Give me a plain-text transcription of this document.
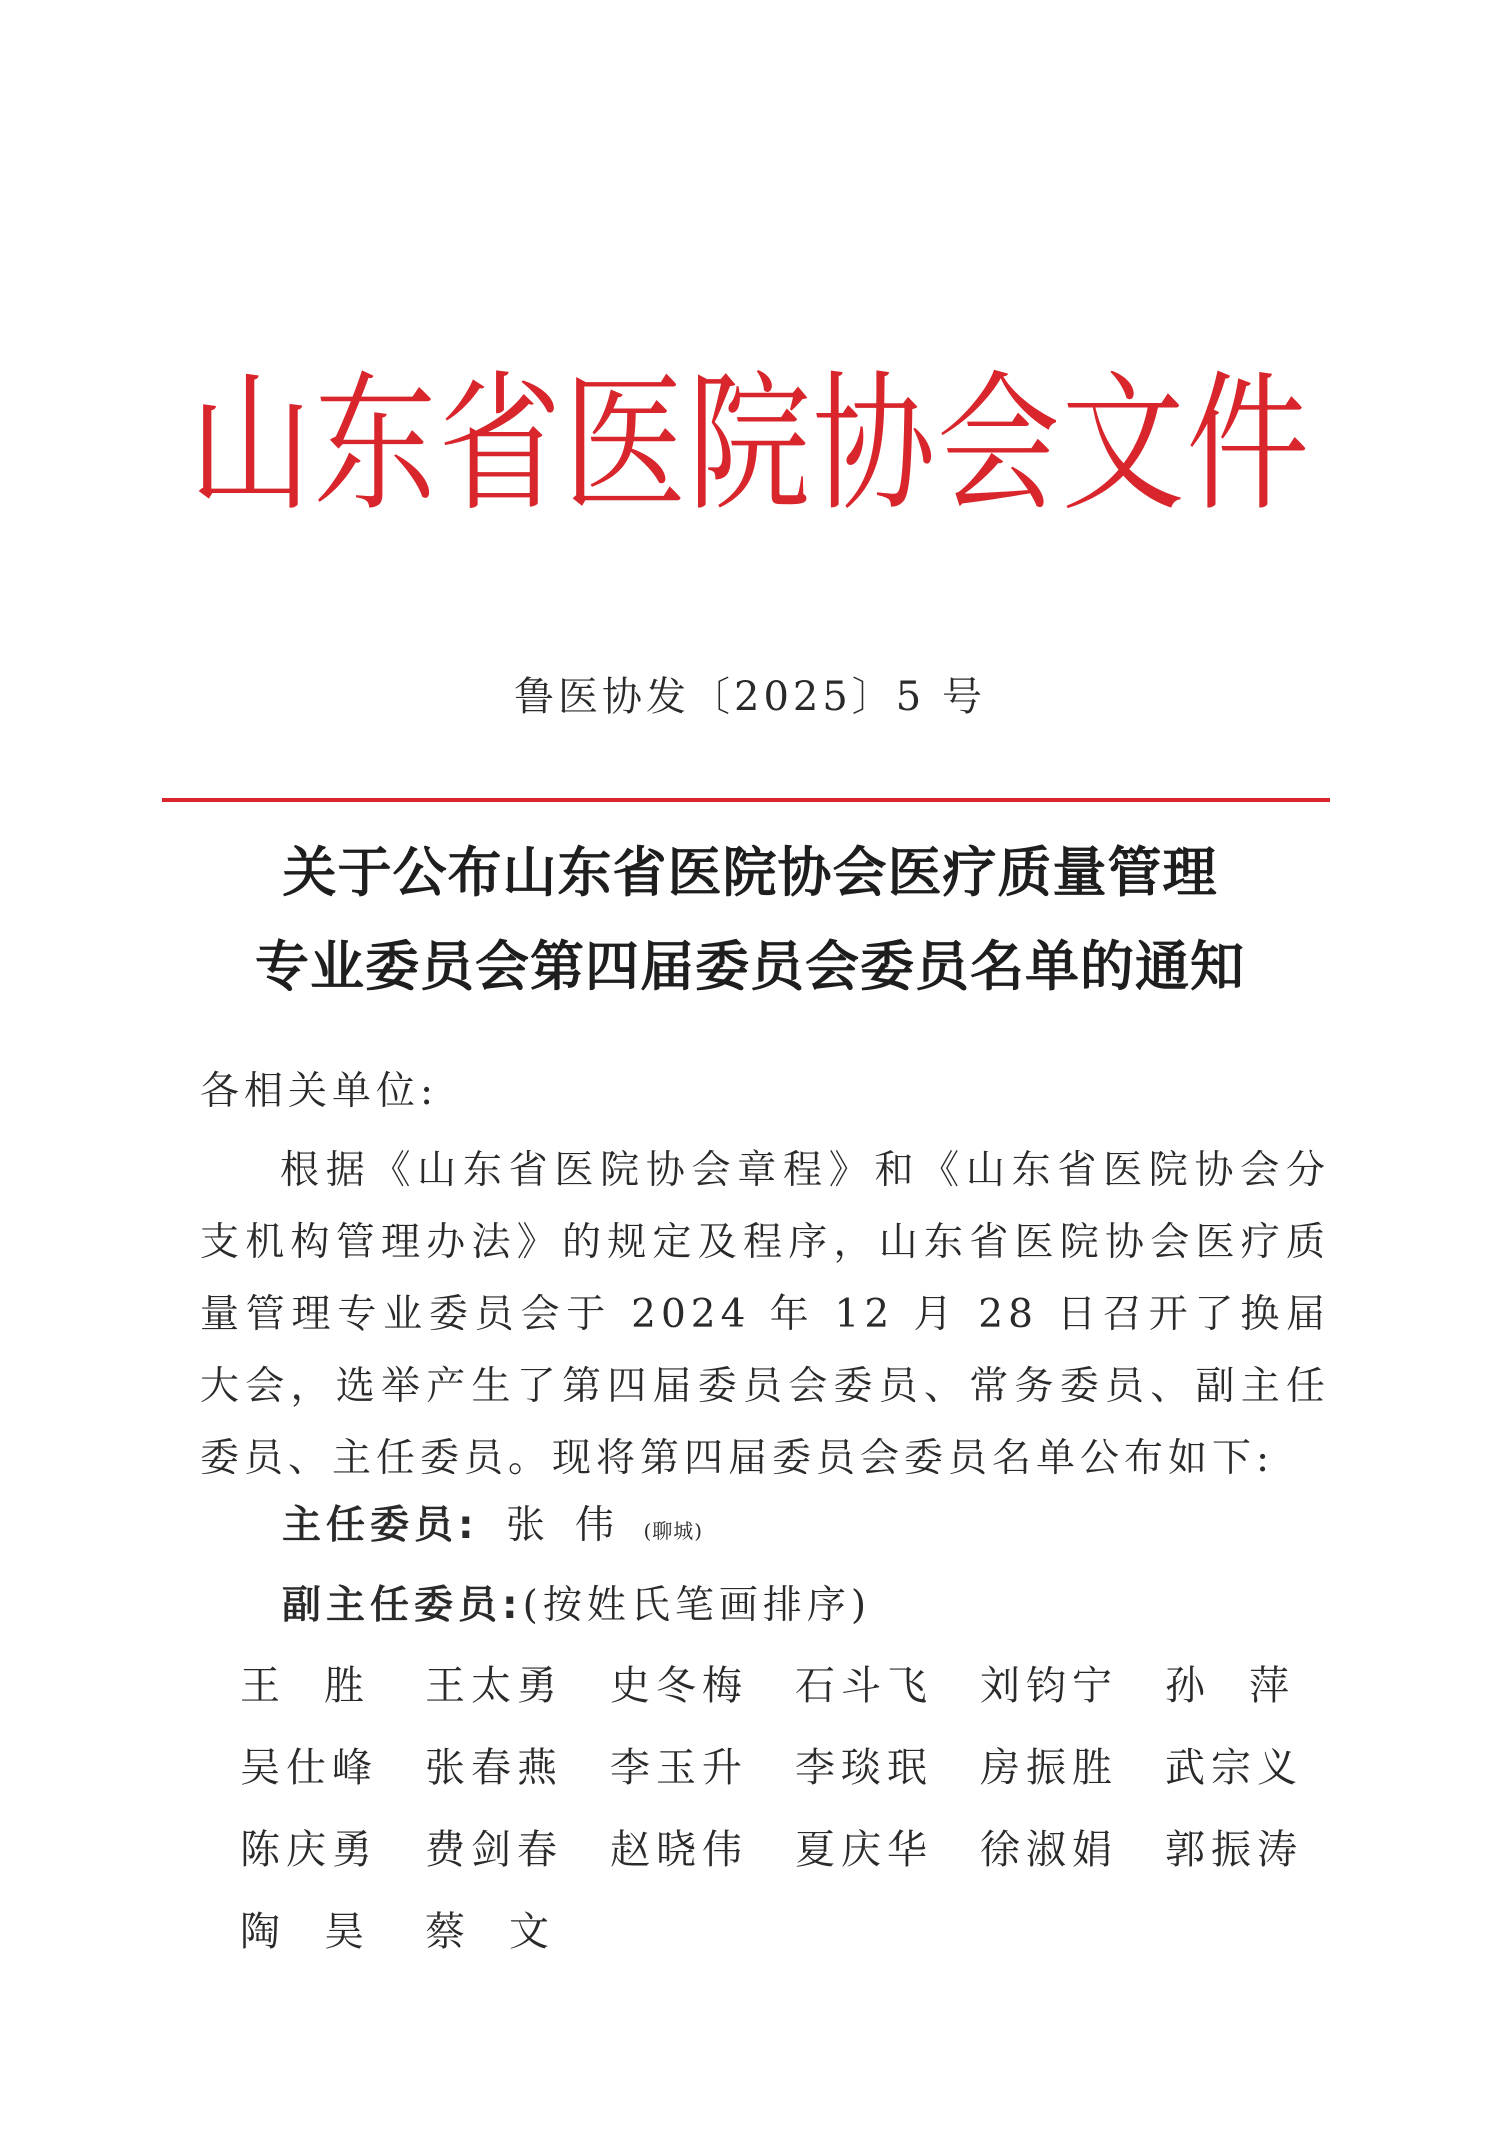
山东省医院协会文件
鲁医协发〔2025〕5 号
关于公布山东省医院协会医疗质量管理
专业委员会第四届委员会委员名单的通知
各相关单位:
根据《山东省医院协会章程》和《山东省医院协会分支机构管理办法》的规定及程序，山东省医院协会医疗质量管理专业委员会于 2024 年 12 月 28 日召开了换届大会，选举产生了第四届委员会委员、常务委员、副主任委员、主任委员。现将第四届委员会委员名单公布如下:
主任委员: 张伟 (聊城)
副主任委员:(按姓氏笔画排序)
王胜 王太勇	史冬梅	石斗飞	刘钧宁	孙萍
吴仕峰	张春燕	李玉升	李琰珉	房振胜	武宗义
陈庆勇	费剑春	赵晓伟	夏庆华	徐淑娟	郭振涛
陶昊 蔡文
